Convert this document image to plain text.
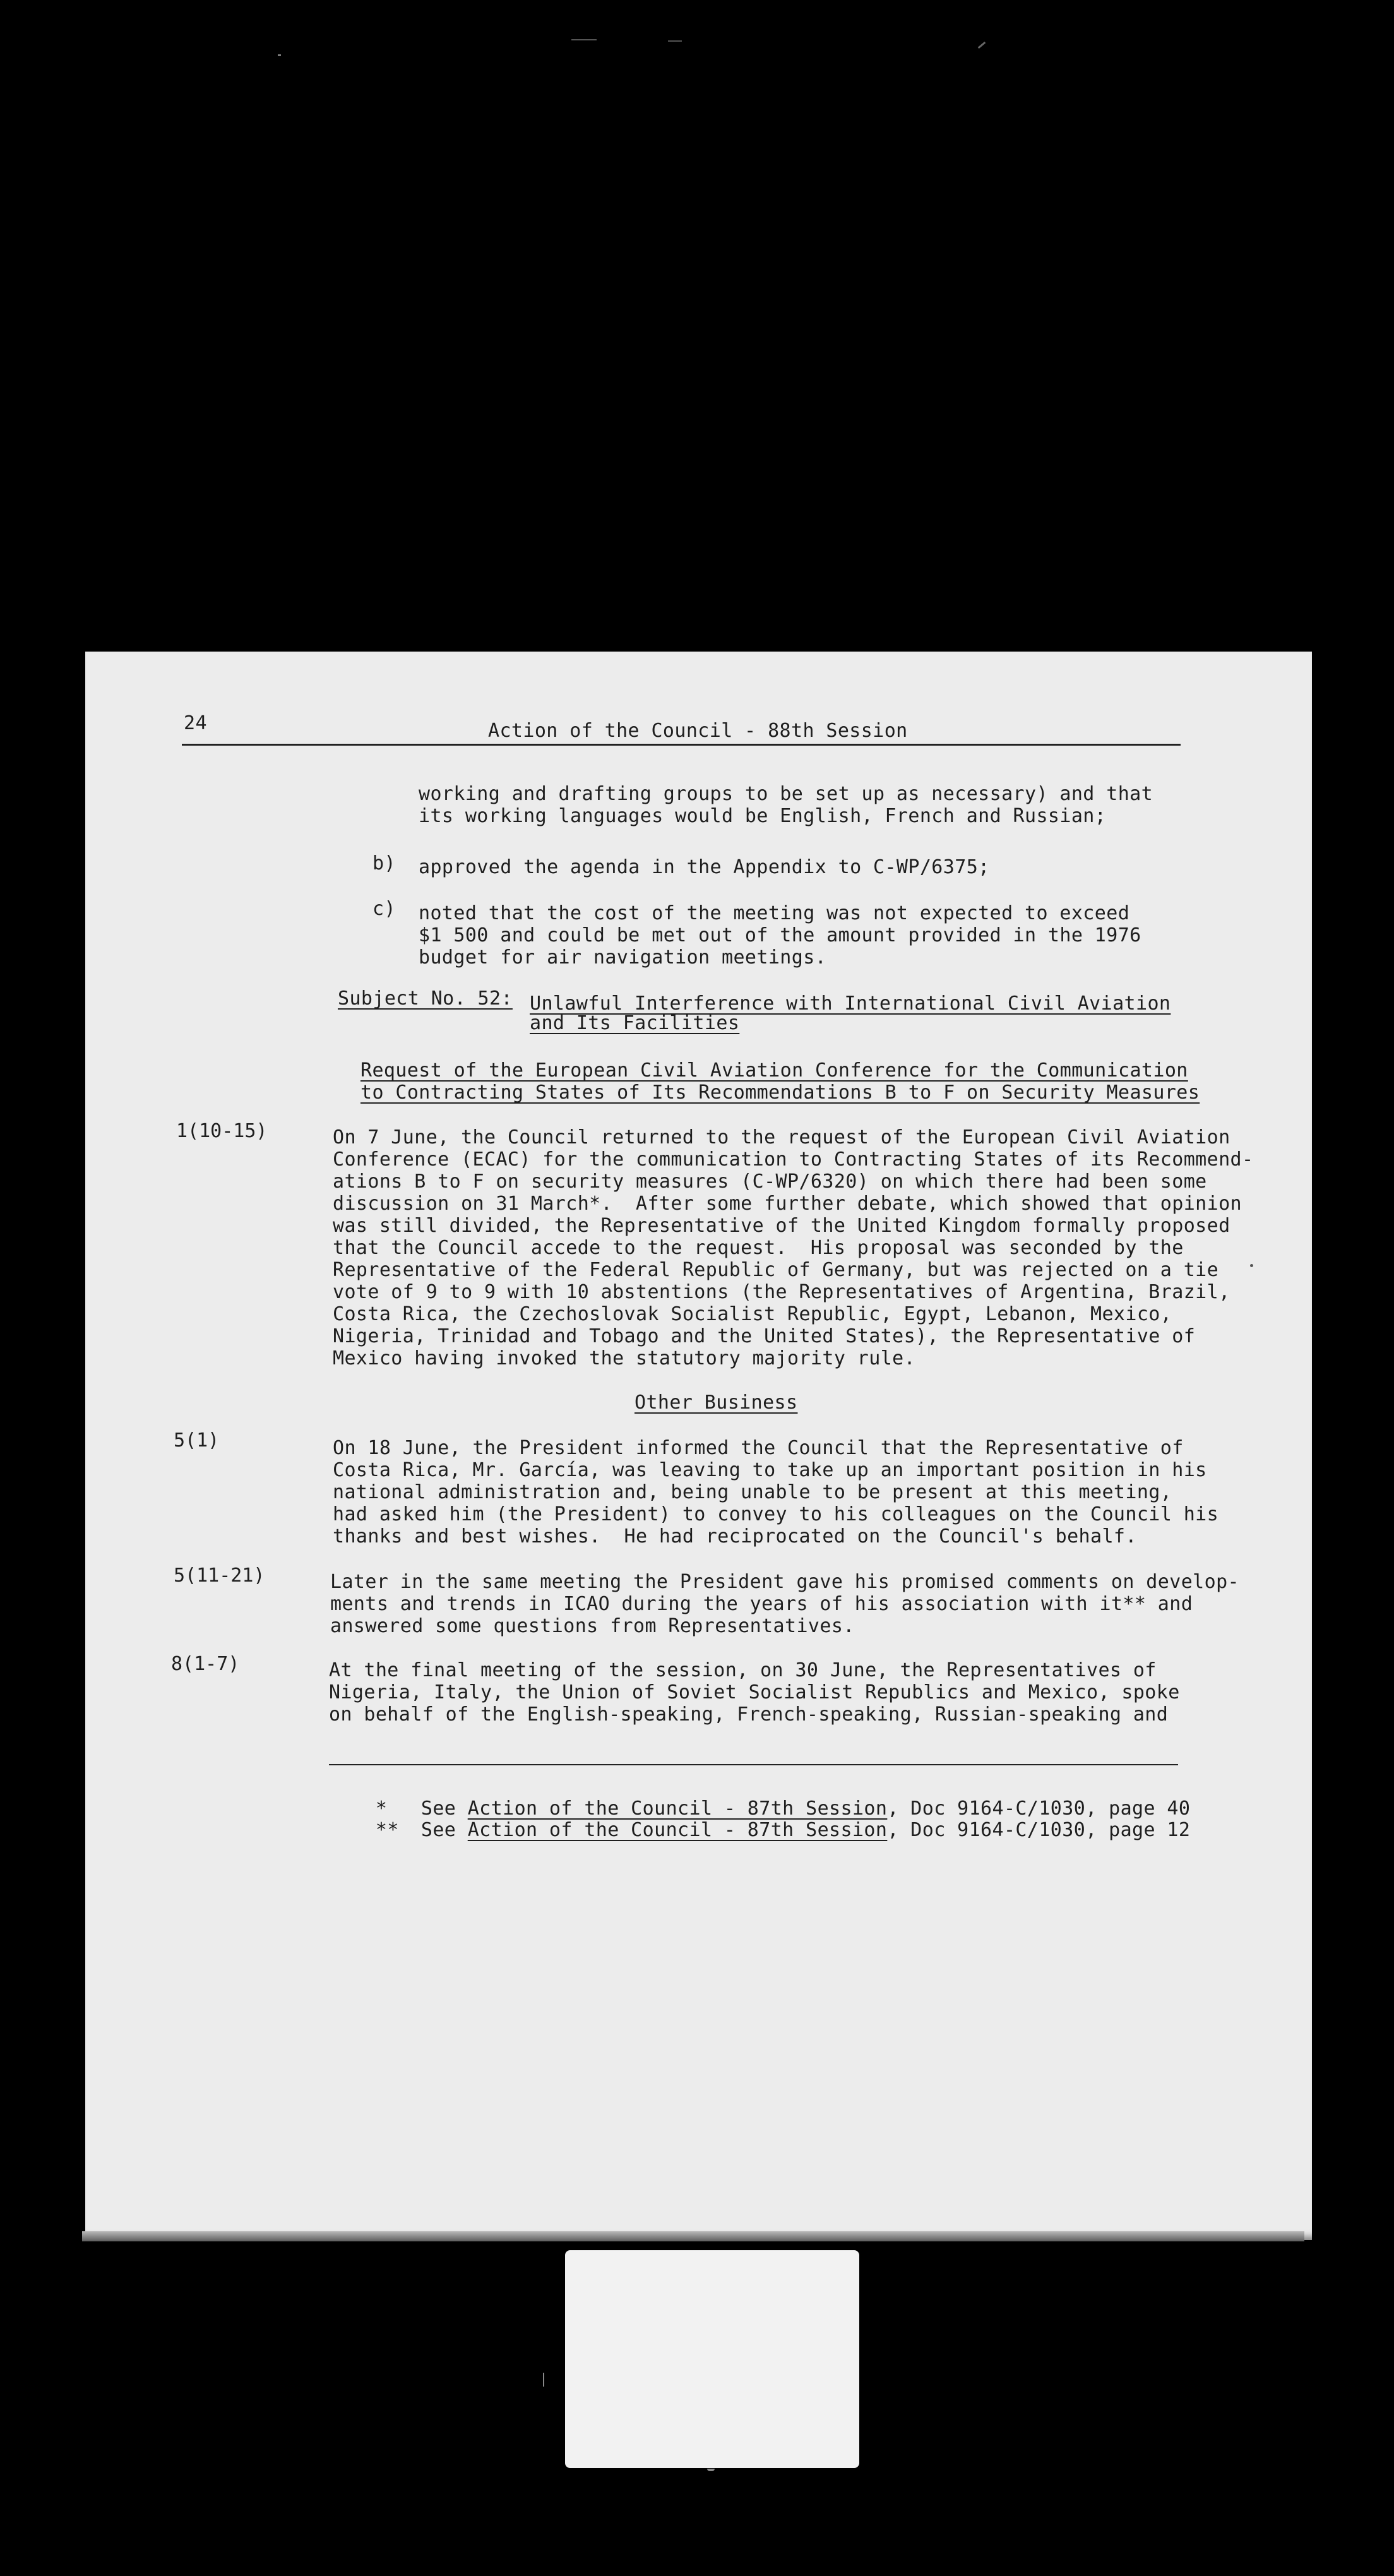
24	Action of the Council - 88th Session
working and drafting groups to be set up as necessary) and that
its working languages would be English, French and Russian;
b) approved the agenda in the Appendix to C-WP/6375;
c) noted that the cost of the meeting was not expected to exceed
$1 500 and could be met out of the amount provided in the 1976
budget for air navigation meetings.
Subject No. 52: Unlawful Interference with International Civil Aviation
and Its Facilities
Request of the European Civil Aviation Conference for the Communication
to Contracting States of Its Recommendations B to F on Security Measures
1(10-15)	On 7 June, the Council returned to the request of the European Civil Aviation
Conference (ECAC) for the communication to Contracting States of its Recommend-
ations B to F on security measures (C-WP/6320) on which there had been some
discussion on 31 March*.  After some further debate, which showed that opinion
was still divided, the Representative of the United Kingdom formally proposed
that the Council accede to the request.  His proposal was seconded by the
Representative of the Federal Republic of Germany, but was rejected on a tie
vote of 9 to 9 with 10 abstentions (the Representatives of Argentina, Brazil,
Costa Rica, the Czechoslovak Socialist Republic, Egypt, Lebanon, Mexico,
Nigeria, Trinidad and Tobago and the United States), the Representative of
Mexico having invoked the statutory majority rule.
Other Business
5(1)	On 18 June, the President informed the Council that the Representative of
Costa Rica, Mr. García, was leaving to take up an important position in his
national administration and, being unable to be present at this meeting,
had asked him (the President) to convey to his colleagues on the Council his
thanks and best wishes.  He had reciprocated on the Council's behalf.
5(11-21)	Later in the same meeting the President gave his promised comments on develop-
ments and trends in ICAO during the years of his association with it** and
answered some questions from Representatives.
8(1-7)	At the final meeting of the session, on 30 June, the Representatives of
Nigeria, Italy, the Union of Soviet Socialist Republics and Mexico, spoke
on behalf of the English-speaking, French-speaking, Russian-speaking and

* See Action of the Council - 87th Session, Doc 9164-C/1030, page 40

** See Action of the Council - 87th Session, Doc 9164-C/1030, page 12
